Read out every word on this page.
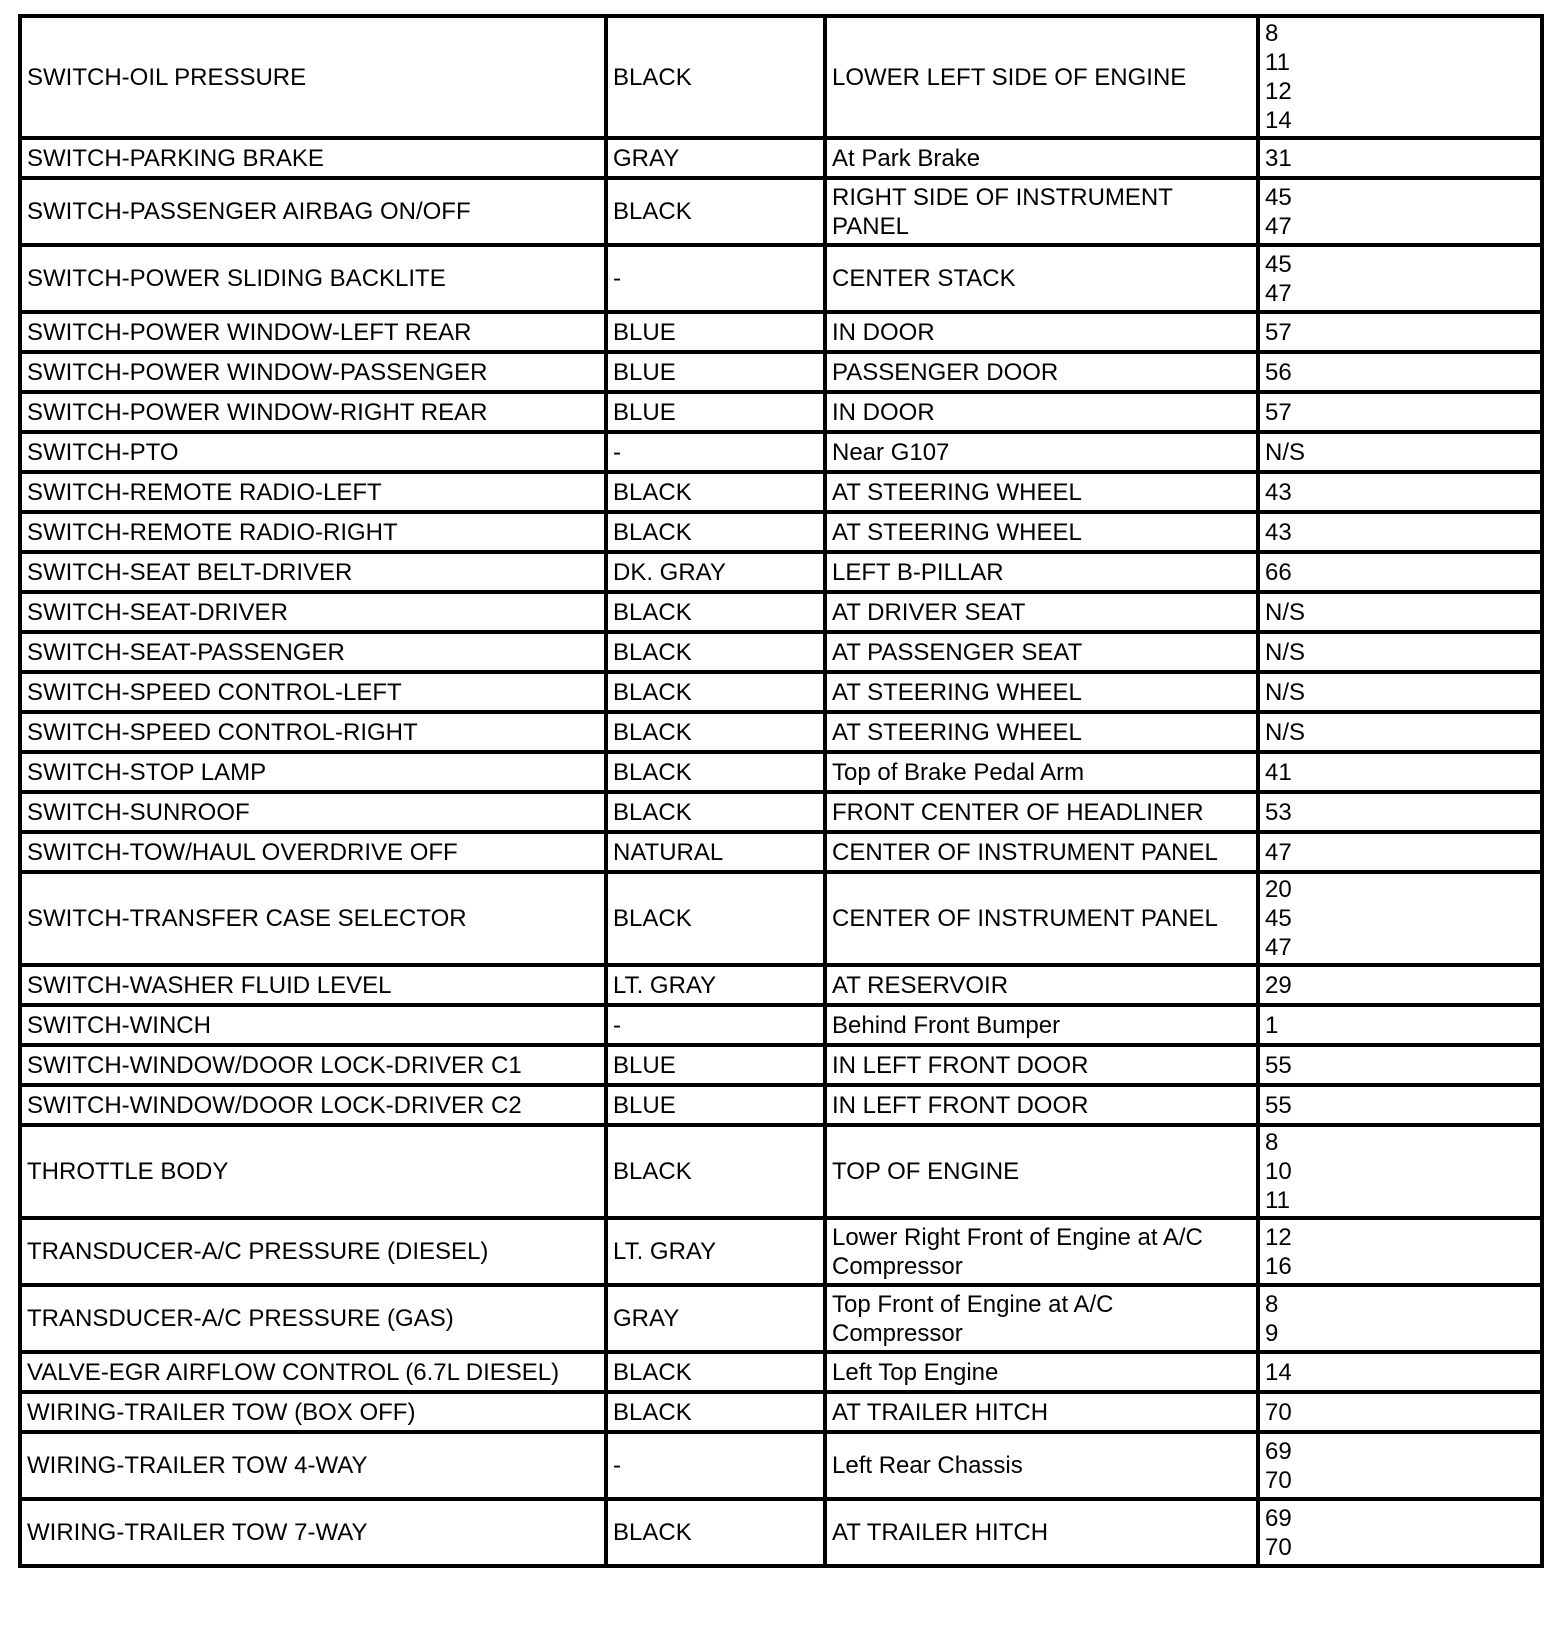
SWITCH-OIL PRESSURE	BLACK	LOWER LEFT SIDE OF ENGINE	8
11
12
14
SWITCH-PARKING BRAKE	GRAY	At Park Brake	31
SWITCH-PASSENGER AIRBAG ON/OFF	BLACK	RIGHT SIDE OF INSTRUMENT
PANEL	45
47
SWITCH-POWER SLIDING BACKLITE	-	CENTER STACK	45
47
SWITCH-POWER WINDOW-LEFT REAR	BLUE	IN DOOR	57
SWITCH-POWER WINDOW-PASSENGER	BLUE	PASSENGER DOOR	56
SWITCH-POWER WINDOW-RIGHT REAR	BLUE	IN DOOR	57
SWITCH-PTO	-	Near G107	N/S
SWITCH-REMOTE RADIO-LEFT	BLACK	AT STEERING WHEEL	43
SWITCH-REMOTE RADIO-RIGHT	BLACK	AT STEERING WHEEL	43
SWITCH-SEAT BELT-DRIVER	DK. GRAY	LEFT B-PILLAR	66
SWITCH-SEAT-DRIVER	BLACK	AT DRIVER SEAT	N/S
SWITCH-SEAT-PASSENGER	BLACK	AT PASSENGER SEAT	N/S
SWITCH-SPEED CONTROL-LEFT	BLACK	AT STEERING WHEEL	N/S
SWITCH-SPEED CONTROL-RIGHT	BLACK	AT STEERING WHEEL	N/S
SWITCH-STOP LAMP	BLACK	Top of Brake Pedal Arm	41
SWITCH-SUNROOF	BLACK	FRONT CENTER OF HEADLINER	53
SWITCH-TOW/HAUL OVERDRIVE OFF	NATURAL	CENTER OF INSTRUMENT PANEL	47
SWITCH-TRANSFER CASE SELECTOR	BLACK	CENTER OF INSTRUMENT PANEL	20
45
47
SWITCH-WASHER FLUID LEVEL	LT. GRAY	AT RESERVOIR	29
SWITCH-WINCH	-	Behind Front Bumper	1
SWITCH-WINDOW/DOOR LOCK-DRIVER C1	BLUE	IN LEFT FRONT DOOR	55
SWITCH-WINDOW/DOOR LOCK-DRIVER C2	BLUE	IN LEFT FRONT DOOR	55
THROTTLE BODY	BLACK	TOP OF ENGINE	8
10
11
TRANSDUCER-A/C PRESSURE (DIESEL)	LT. GRAY	Lower Right Front of Engine at A/C
Compressor	12
16
TRANSDUCER-A/C PRESSURE (GAS)	GRAY	Top Front of Engine at A/C
Compressor	8
9
VALVE-EGR AIRFLOW CONTROL (6.7L DIESEL)	BLACK	Left Top Engine	14
WIRING-TRAILER TOW (BOX OFF)	BLACK	AT TRAILER HITCH	70
WIRING-TRAILER TOW 4-WAY	-	Left Rear Chassis	69
70
WIRING-TRAILER TOW 7-WAY	BLACK	AT TRAILER HITCH	69
70
